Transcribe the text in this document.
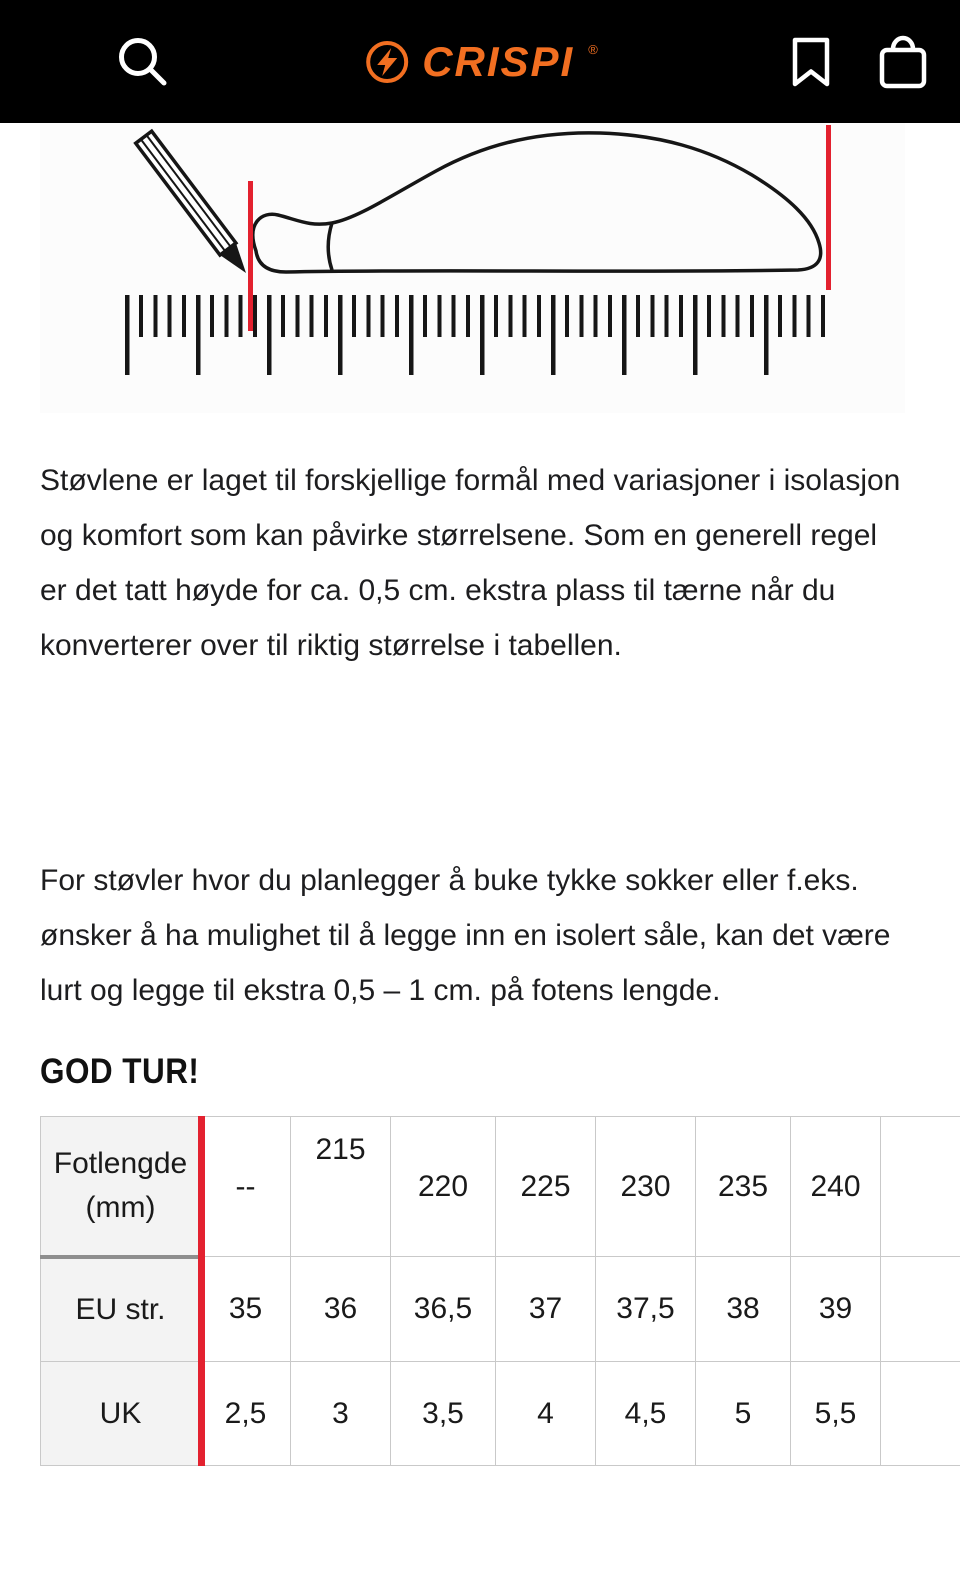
CRISPI ®

Støvlene er laget til forskjellige formål med variasjoner i isolasjon og komfort som kan påvirke størrelsene. Som en generell regel er det tatt høyde for ca. 0,5 cm. ekstra plass til tærne når du konverterer over til riktig størrelse i tabellen.

For støvler hvor du planlegger å buke tykke sokker eller f.eks. ønsker å ha mulighet til å legge inn en isolert såle, kan det være lurt og legge til ekstra 0,5 – 1 cm. på fotens lengde.

GOD TUR!
Fotlengde (mm)	--	215	220	225	230	235	240	
EU str.	35	36	36,5	37	37,5	38	39	
UK	2,5	3	3,5	4	4,5	5	5,5	
